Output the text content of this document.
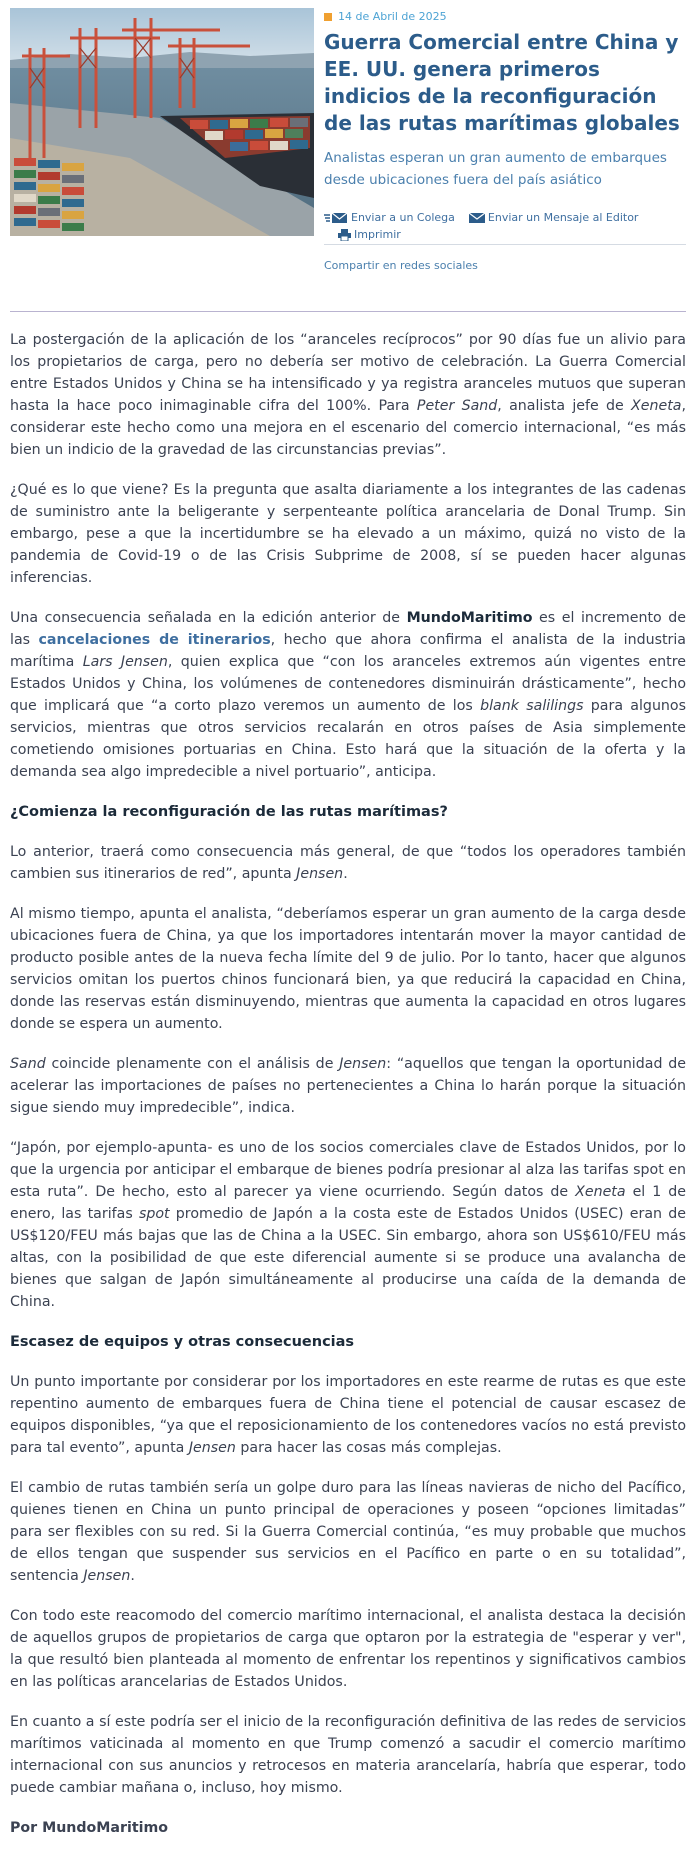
14 de Abril de 2025
Guerra Comercial entre China y EE. UU. genera primeros indicios de la reconfiguración de las rutas marítimas globales

Analistas esperan un gran aumento de embarques desde ubicaciones fuera del país asiático

Enviar a un Colega	Enviar un Mensaje al Editor
Imprimir
Compartir en redes sociales

La postergación de la aplicación de los “aranceles recíprocos” por 90 días fue un alivio para los propietarios de carga, pero no debería ser motivo de celebración. La Guerra Comercial entre Estados Unidos y China se ha intensificado y ya registra aranceles mutuos que superan hasta la hace poco inimaginable cifra del 100%. Para Peter Sand, analista jefe de Xeneta, considerar este hecho como una mejora en el escenario del comercio internacional, “es más bien un indicio de la gravedad de las circunstancias previas”.

¿Qué es lo que viene? Es la pregunta que asalta diariamente a los integrantes de las cadenas de suministro ante la beligerante y serpenteante política arancelaria de Donal Trump. Sin embargo, pese a que la incertidumbre se ha elevado a un máximo, quizá no visto de la pandemia de Covid-19 o de las Crisis Subprime de 2008, sí se pueden hacer algunas inferencias.

Una consecuencia señalada en la edición anterior de MundoMaritimo es el incremento de las cancelaciones de itinerarios, hecho que ahora confirma el analista de la industria marítima Lars Jensen, quien explica que “con los aranceles extremos aún vigentes entre Estados Unidos y China, los volúmenes de contenedores disminuirán drásticamente”, hecho que implicará que “a corto plazo veremos un aumento de los blank salilings para algunos servicios, mientras que otros servicios recalarán en otros países de Asia simplemente cometiendo omisiones portuarias en China. Esto hará que la situación de la oferta y la demanda sea algo impredecible a nivel portuario”, anticipa.

¿Comienza la reconfiguración de las rutas marítimas?

Lo anterior, traerá como consecuencia más general, de que “todos los operadores también cambien sus itinerarios de red”, apunta Jensen.

Al mismo tiempo, apunta el analista, “deberíamos esperar un gran aumento de la carga desde ubicaciones fuera de China, ya que los importadores intentarán mover la mayor cantidad de producto posible antes de la nueva fecha límite del 9 de julio. Por lo tanto, hacer que algunos servicios omitan los puertos chinos funcionará bien, ya que reducirá la capacidad en China, donde las reservas están disminuyendo, mientras que aumenta la capacidad en otros lugares donde se espera un aumento.

Sand coincide plenamente con el análisis de Jensen: “aquellos que tengan la oportunidad de acelerar las importaciones de países no pertenecientes a China lo harán porque la situación sigue siendo muy impredecible”, indica.

“Japón, por ejemplo-apunta- es uno de los socios comerciales clave de Estados Unidos, por lo que la urgencia por anticipar el embarque de bienes podría presionar al alza las tarifas spot en esta ruta”. De hecho, esto al parecer ya viene ocurriendo. Según datos de Xeneta el 1 de enero, las tarifas spot promedio de Japón a la costa este de Estados Unidos (USEC) eran de US$120/FEU más bajas que las de China a la USEC. Sin embargo, ahora son US$610/FEU más altas, con la posibilidad de que este diferencial aumente si se produce una avalancha de bienes que salgan de Japón simultáneamente al producirse una caída de la demanda de China.

Escasez de equipos y otras consecuencias

Un punto importante por considerar por los importadores en este rearme de rutas es que este repentino aumento de embarques fuera de China tiene el potencial de causar escasez de equipos disponibles, “ya que el reposicionamiento de los contenedores vacíos no está previsto para tal evento”, apunta Jensen para hacer las cosas más complejas.

El cambio de rutas también sería un golpe duro para las líneas navieras de nicho del Pacífico, quienes tienen en China un punto principal de operaciones y poseen “opciones limitadas” para ser flexibles con su red. Si la Guerra Comercial continúa, “es muy probable que muchos de ellos tengan que suspender sus servicios en el Pacífico en parte o en su totalidad”, sentencia Jensen.

Con todo este reacomodo del comercio marítimo internacional, el analista destaca la decisión de aquellos grupos de propietarios de carga que optaron por la estrategia de "esperar y ver", la que resultó bien planteada al momento de enfrentar los repentinos y significativos cambios en las políticas arancelarias de Estados Unidos.

En cuanto a sí este podría ser el inicio de la reconfiguración definitiva de las redes de servicios marítimos vaticinada al momento en que Trump comenzó a sacudir el comercio marítimo internacional con sus anuncios y retrocesos en materia arancelaría, habría que esperar, todo puede cambiar mañana o, incluso, hoy mismo.

Por MundoMaritimo
